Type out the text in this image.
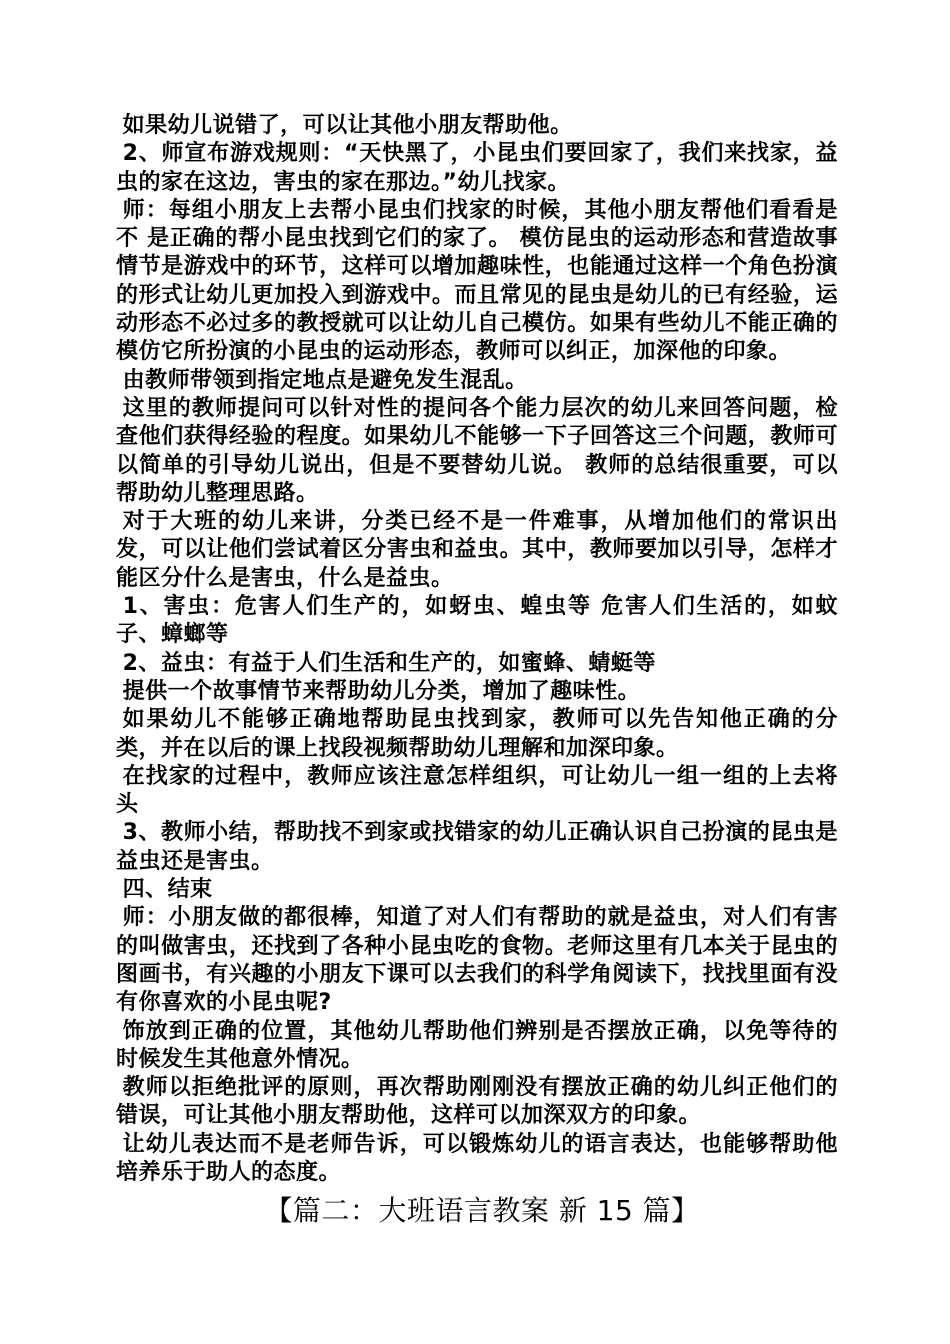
如果幼儿说错了，可以让其他小朋友帮助他。

2、师宣布游戏规则：“天快黑了，小昆虫们要回家了，我们来找家，益虫的家在这边，害虫的家在那边。”幼儿找家。

师：每组小朋友上去帮小昆虫们找家的时候，其他小朋友帮他们看看是不 是正确的帮小昆虫找到它们的家了。 模仿昆虫的运动形态和营造故事情节是游戏中的环节，这样可以增加趣味性，也能通过这样一个角色扮演的形式让幼儿更加投入到游戏中。而且常见的昆虫是幼儿的已有经验，运动形态不必过多的教授就可以让幼儿自己模仿。如果有些幼儿不能正确的模仿它所扮演的小昆虫的运动形态，教师可以纠正，加深他的印象。

由教师带领到指定地点是避免发生混乱。

这里的教师提问可以针对性的提问各个能力层次的幼儿来回答问题，检查他们获得经验的程度。如果幼儿不能够一下子回答这三个问题，教师可以简单的引导幼儿说出，但是不要替幼儿说。 教师的总结很重要，可以帮助幼儿整理思路。

对于大班的幼儿来讲，分类已经不是一件难事，从增加他们的常识出发，可以让他们尝试着区分害虫和益虫。其中，教师要加以引导，怎样才能区分什么是害虫，什么是益虫。

1、害虫：危害人们生产的，如蚜虫、蝗虫等 危害人们生活的，如蚊子、蟑螂等

2、益虫：有益于人们生活和生产的，如蜜蜂、蜻蜓等

提供一个故事情节来帮助幼儿分类，增加了趣味性。

如果幼儿不能够正确地帮助昆虫找到家，教师可以先告知他正确的分类，并在以后的课上找段视频帮助幼儿理解和加深印象。

在找家的过程中，教师应该注意怎样组织，可让幼儿一组一组的上去将头

3、教师小结，帮助找不到家或找错家的幼儿正确认识自己扮演的昆虫是益虫还是害虫。

四、结束

师：小朋友做的都很棒，知道了对人们有帮助的就是益虫，对人们有害的叫做害虫，还找到了各种小昆虫吃的食物。老师这里有几本关于昆虫的图画书，有兴趣的小朋友下课可以去我们的科学角阅读下，找找里面有没有你喜欢的小昆虫呢?

饰放到正确的位置，其他幼儿帮助他们辨别是否摆放正确，以免等待的时候发生其他意外情况。

教师以拒绝批评的原则，再次帮助刚刚没有摆放正确的幼儿纠正他们的错误，可让其他小朋友帮助他，这样可以加深双方的印象。

让幼儿表达而不是老师告诉，可以锻炼幼儿的语言表达，也能够帮助他培养乐于助人的态度。

【篇二：大班语言教案 新 15 篇】
